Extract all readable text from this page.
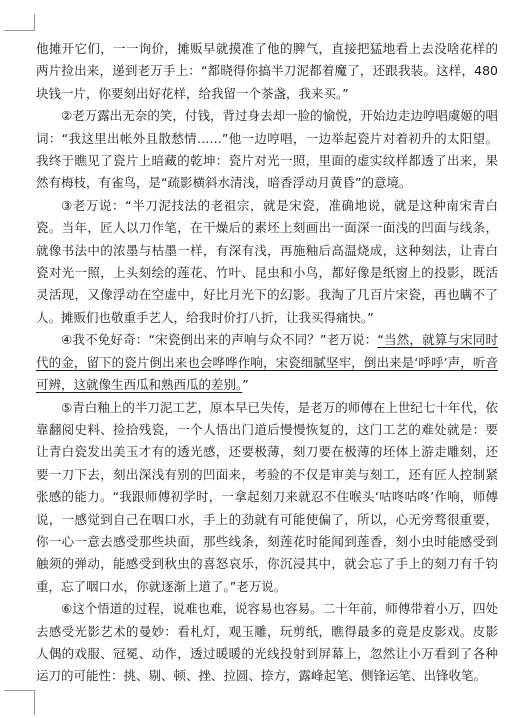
他摊开它们，一一询价，摊贩早就摸准了他的脾气，直接把猛地看上去没啥花样的两片捡出来，递到老万手上：“都晓得你搞半刀泥都着魔了，还跟我装。这样，480块钱一片，你要刻出好花样，给我留一个茶盏，我来买。”

②老万露出无奈的笑，付钱，背过身去却一脸的愉悦，开始边走边哼唱虞姬的唱词：“我这里出帐外且散愁情……”他一边哼唱，一边举起瓷片对着初升的太阳望。我终于瞧见了瓷片上暗藏的乾坤：瓷片对光一照，里面的虚实纹样都透了出来，果然有梅枝，有雀鸟，是“疏影横斜水清浅，暗香浮动月黄昏”的意境。

③老万说：“半刀泥技法的老祖宗，就是宋瓷，准确地说，就是这种南宋青白瓷。当年，匠人以刀作笔，在干燥后的素坯上刻画出一面深一面浅的凹面与线条，就像书法中的浓墨与枯墨一样，有深有浅，再施釉后高温烧成，这种刻法，让青白瓷对光一照，上头刻绘的莲花、竹叶、昆虫和小鸟，都好像是纸窗上的投影，既活灵活现，又像浮动在空虚中，好比月光下的幻影。我淘了几百片宋瓷，再也瞒不了人。摊贩们也敬重手艺人，给我时价打八折，让我买得痛快。”

④我不免好奇：“宋瓷倒出来的声响与众不同？”老万说：“当然，就算与宋同时代的金，留下的瓷片倒出来也会哗哗作响，宋瓷细腻坚牢，倒出来是‘呼呼’声，听音可辨，这就像生西瓜和熟西瓜的差别。”

⑤青白釉上的半刀泥工艺，原本早已失传，是老万的师傅在上世纪七十年代，依靠翻阅史料、捡拾残瓷，一个人悟出门道后慢慢恢复的，这门工艺的难处就是：要让青白瓷发出美玉才有的透光感，还要极薄，刻刀要在极薄的坯体上游走雕刻，还要一刀下去，刻出深浅有别的凹面来，考验的不仅是审美与刻工，还有匠人控制紧张感的能力。“我跟师傅初学时，一拿起刻刀来就忍不住喉头‘咕咚咕咚’作响，师傅说，一感觉到自己在咽口水，手上的劲就有可能使偏了，所以，心无旁骛很重要，你一心一意去感受那些块面，那些线条，刻莲花时能闻到莲香，刻小虫时能感受到触须的弹动，能感受到秋虫的喜怒哀乐，你沉浸其中，就会忘了手上的刻刀有千钧重，忘了咽口水，你就逐渐上道了。”老万说。

⑥这个悟道的过程，说难也难，说容易也容易。二十年前，师傅带着小万，四处去感受光影艺术的曼妙：看札灯，观玉雕，玩剪纸，瞧得最多的竟是皮影戏。皮影人偶的戏服、冠冕、动作，透过暖暖的光线投射到屏幕上，忽然让小万看到了各种运刀的可能性：挑、剔、顿、挫、拉圆、捺方，露峰起笔、侧锋运笔、出锋收笔。
